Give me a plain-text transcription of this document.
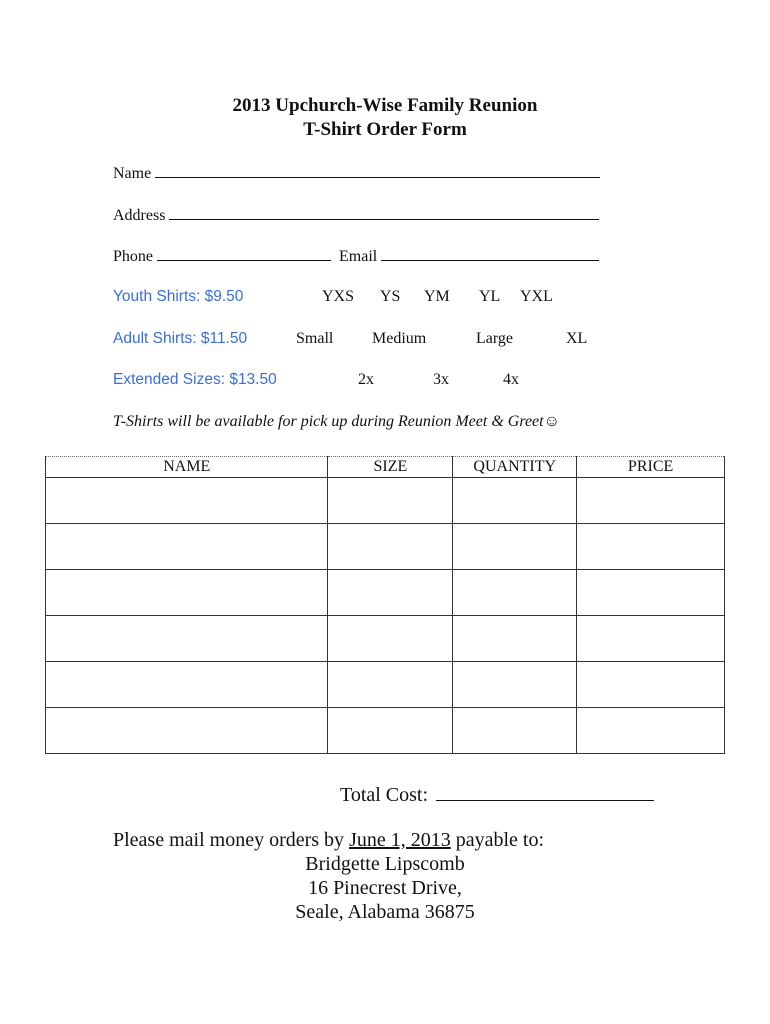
2013 Upchurch-Wise Family Reunion
T-Shirt Order Form
Name
Address
Phone	Email
Youth Shirts: $9.50	YXS YS YM YL YXL
Adult Shirts: $11.50	Small Medium	Large	XL
Extended Sizes: $13.50	2x	3x	4x
T-Shirts will be available for pick up during Reunion Meet & Greet☺
NAME	SIZE	QUANTITY	PRICE

Total Cost:
Please mail money orders by June 1, 2013 payable to:
Bridgette Lipscomb
16 Pinecrest Drive,
Seale, Alabama 36875
